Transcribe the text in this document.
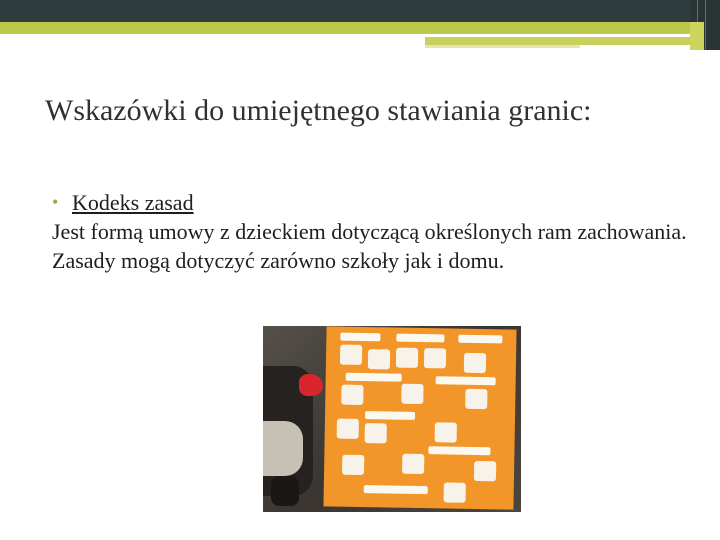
Wskazówki do umiejętnego stawiania granic:
• Kodeks zasad

Jest formą umowy z dzieckiem dotyczącą określonych ram zachowania. Zasady mogą dotyczyć zarówno szkoły jak i domu.
